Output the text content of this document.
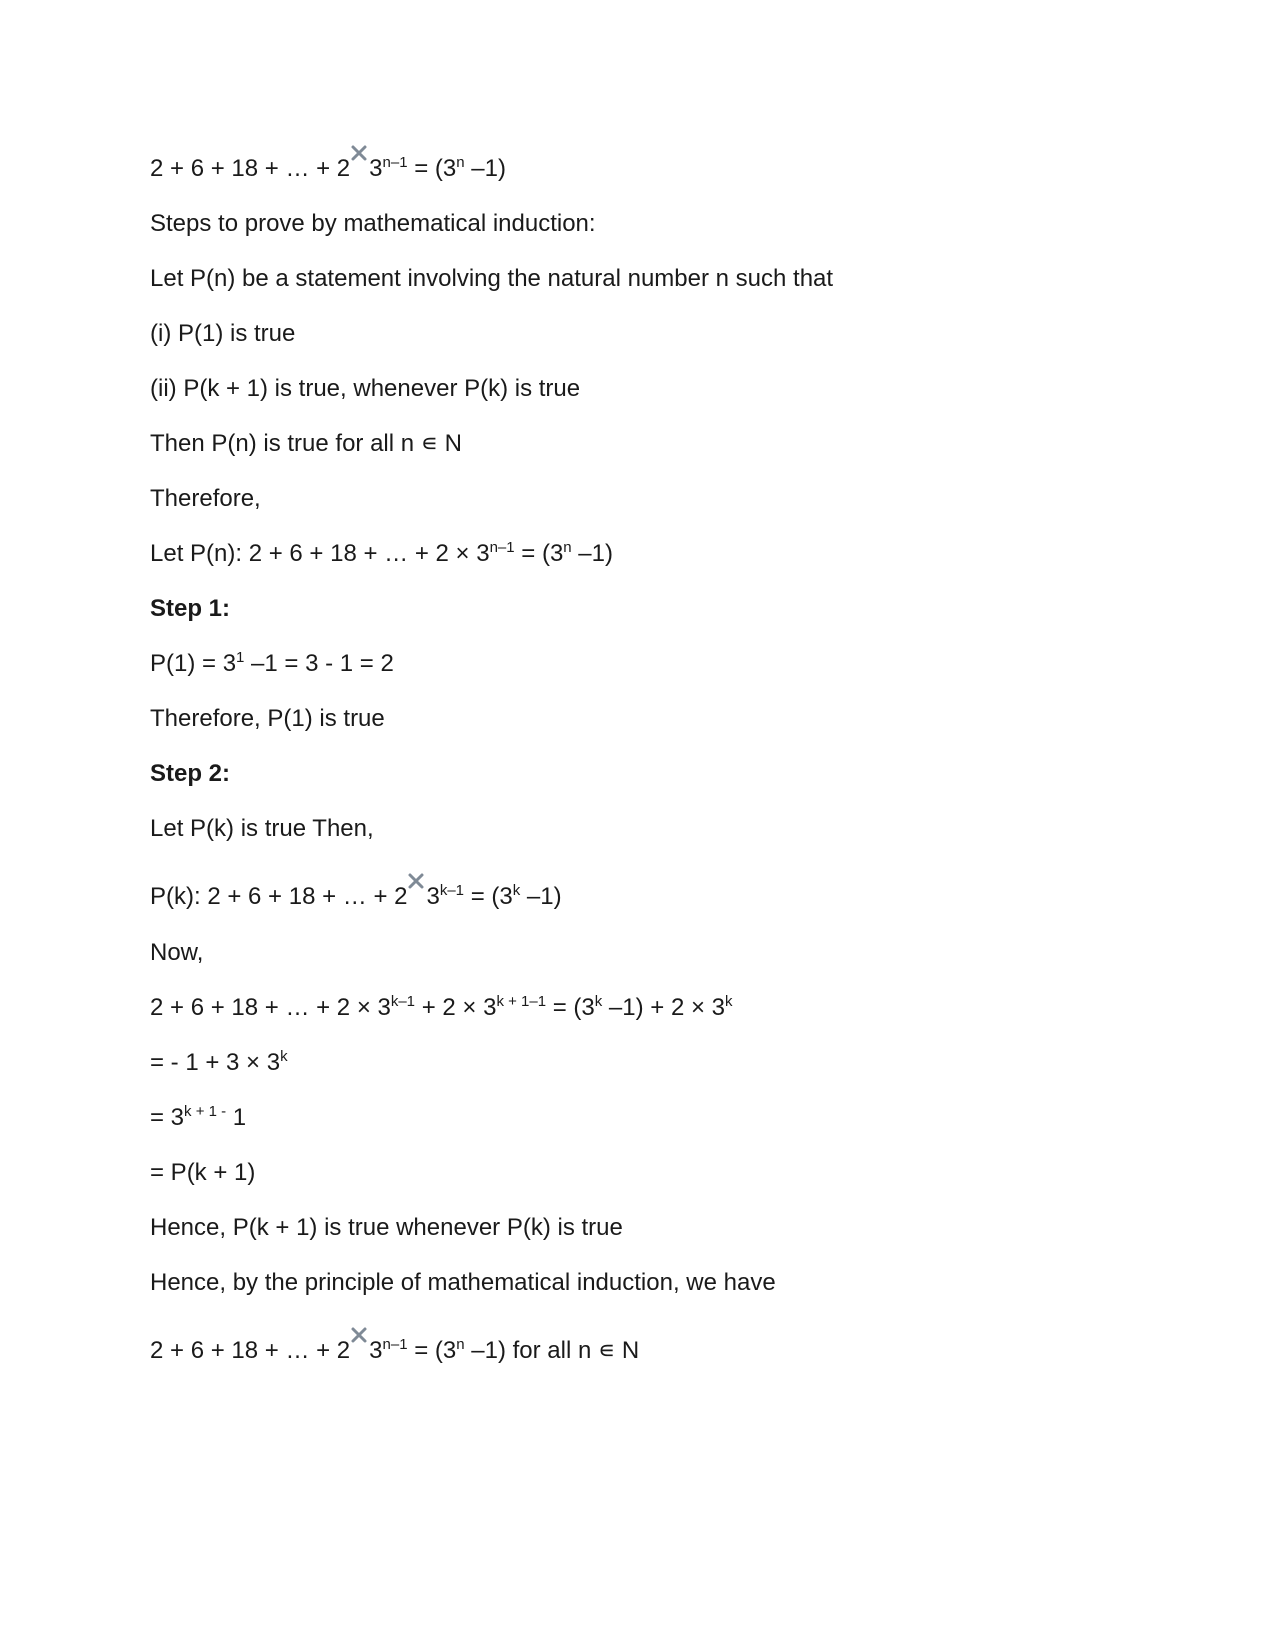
2 + 6 + 18 + … + 2 $3^{n-1} = (3^n$ –1)
Steps to prove by mathematical induction:
Let P(n) be a statement involving the natural number n such that
(i) P(1) is true
(ii) P(k + 1) is true, whenever P(k) is true
Then P(n) is true for all n ∊ N
Therefore,
Let P(n): 2 + 6 + 18 + … + $2 \times 3^{n-1} = (3^n$ –1)
Step 1:
$P(1) = 3^1$ –1 = 3 - 1 = 2
Therefore, P(1) is true
Step 2:
Let P(k) is true Then,
P(k): 2 + 6 + 18 + … + 2 $3^{k-1} = (3^k$ –1)
Now,
2 + 6 + 18 + … + $2 \times 3^{k-1} + 2 \times 3^{k + 1-1} = (3^k$ $-1) + 2 \times 3^k$
= - $1 + 3 \times 3^k$
= $3^{k + 1 -}$ 1
= P(k + 1)
Hence, P(k + 1) is true whenever P(k) is true
Hence, by the principle of mathematical induction, we have
2 + 6 + 18 + … + 2 $3^{n-1} = (3^n$ –1) for all n ∊ N
